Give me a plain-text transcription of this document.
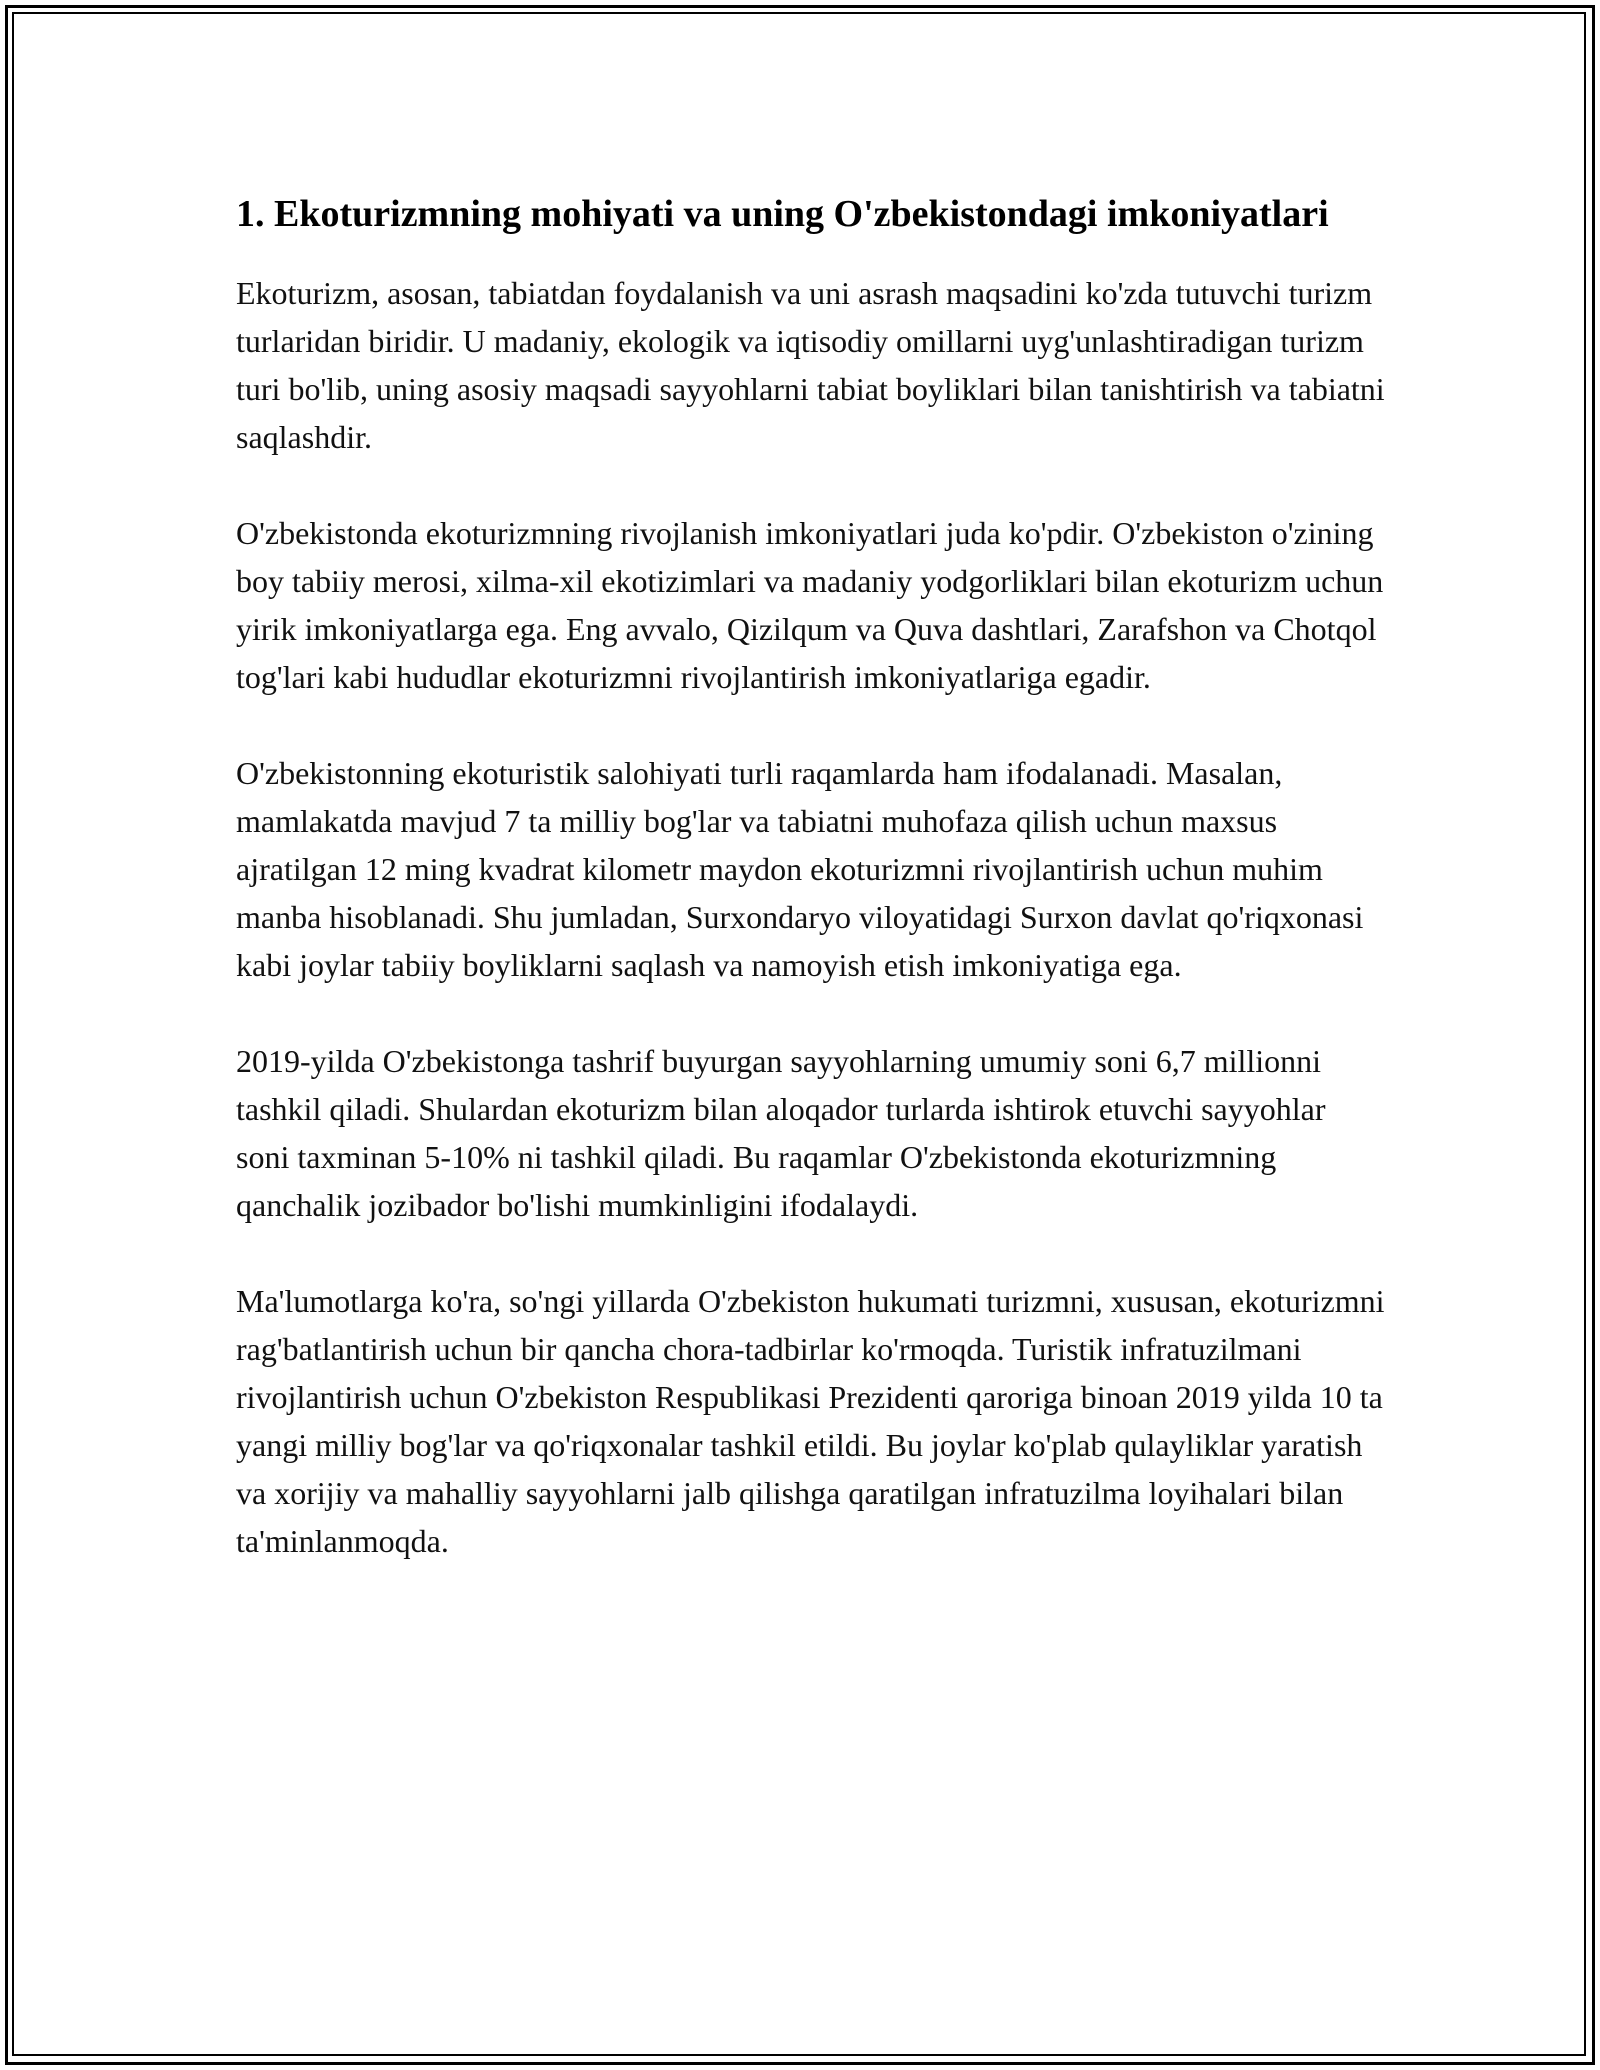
1. Ekoturizmning mohiyati va uning O'zbekistondagi imkoniyatlari

Ekoturizm, asosan, tabiatdan foydalanish va uni asrash maqsadini ko'zda tutuvchi turizm turlaridan biridir. U madaniy, ekologik va iqtisodiy omillarni uyg'unlashtiradigan turizm turi bo'lib, uning asosiy maqsadi sayyohlarni tabiat boyliklari bilan tanishtirish va tabiatni saqlashdir.

O'zbekistonda ekoturizmning rivojlanish imkoniyatlari juda ko'pdir. O'zbekiston o'zining boy tabiiy merosi, xilma-xil ekotizimlari va madaniy yodgorliklari bilan ekoturizm uchun yirik imkoniyatlarga ega. Eng avvalo, Qizilqum va Quva dashtlari, Zarafshon va Chotqol tog'lari kabi hududlar ekoturizmni rivojlantirish imkoniyatlariga egadir.

O'zbekistonning ekoturistik salohiyati turli raqamlarda ham ifodalanadi. Masalan, mamlakatda mavjud 7 ta milliy bog'lar va tabiatni muhofaza qilish uchun maxsus ajratilgan 12 ming kvadrat kilometr maydon ekoturizmni rivojlantirish uchun muhim manba hisoblanadi. Shu jumladan, Surxondaryo viloyatidagi Surxon davlat qo'riqxonasi kabi joylar tabiiy boyliklarni saqlash va namoyish etish imkoniyatiga ega.

2019-yilda O'zbekistonga tashrif buyurgan sayyohlarning umumiy soni 6,7 millionni tashkil qiladi. Shulardan ekoturizm bilan aloqador turlarda ishtirok etuvchi sayyohlar soni taxminan 5-10% ni tashkil qiladi. Bu raqamlar O'zbekistonda ekoturizmning qanchalik jozibador bo'lishi mumkinligini ifodalaydi.

Ma'lumotlarga ko'ra, so'ngi yillarda O'zbekiston hukumati turizmni, xususan, ekoturizmni rag'batlantirish uchun bir qancha chora-tadbirlar ko'rmoqda. Turistik infratuzilmani rivojlantirish uchun O'zbekiston Respublikasi Prezidenti qaroriga binoan 2019 yilda 10 ta yangi milliy bog'lar va qo'riqxonalar tashkil etildi. Bu joylar ko'plab qulayliklar yaratish va xorijiy va mahalliy sayyohlarni jalb qilishga qaratilgan infratuzilma loyihalari bilan ta'minlanmoqda.
